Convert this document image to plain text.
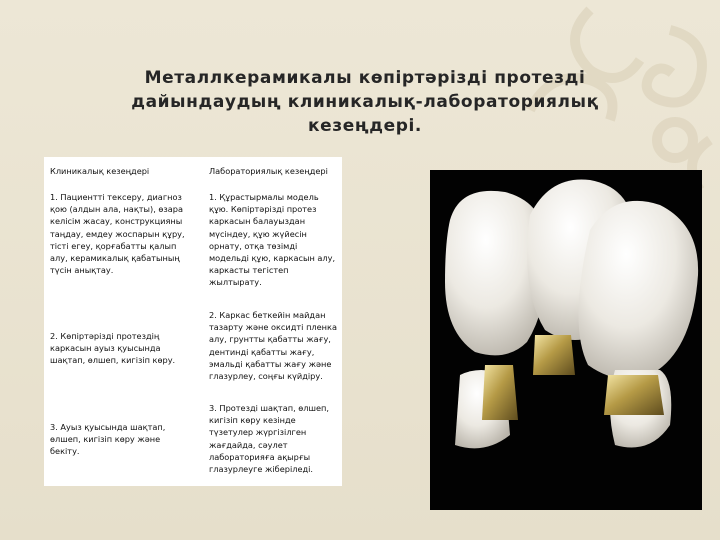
Металлкерамикалы көпіртәрізді протезді
дайындаудың клиникалық-лабораториялық
кезеңдері.
Клиникалық кезеңдері
1. Пациентті тексеру, диагноз қою (алдын ала, нақты), өзара келісім жасау, конструкцияны таңдау, емдеу жоспарын құру, тісті егеу, қорғабатты қалып алу, керамикалық қабатының түсін анықтау.
2. Көпіртәрізді протездің каркасын ауыз қуысында шақтап, өлшеп, кигізіп көру.
3. Ауыз қуысында шақтап, өлшеп, кигізіп көру және бекіту.
Лабораториялық кезеңдері
1. Құрастырмалы модель құю. Көпіртәрізді протез каркасын балауыздан мүсіндеу, құю жүйесін орнату, отқа төзімді модельді құю, каркасын алу, каркасты тегістеп жылтырату.
2. Каркас беткейін майдан тазарту және оксидті пленка алу, грунтты қабатты жағу, дентинді қабатты жағу, эмальді қабатты жағу және глазурлеу, соңғы күйдіру.
3. Протезді шақтап, өлшеп, кигізіп көру кезінде түзетулер жүргізілген жағдайда, сәулет лабораторияға ақырғы глазурлеуге жіберіледі.
